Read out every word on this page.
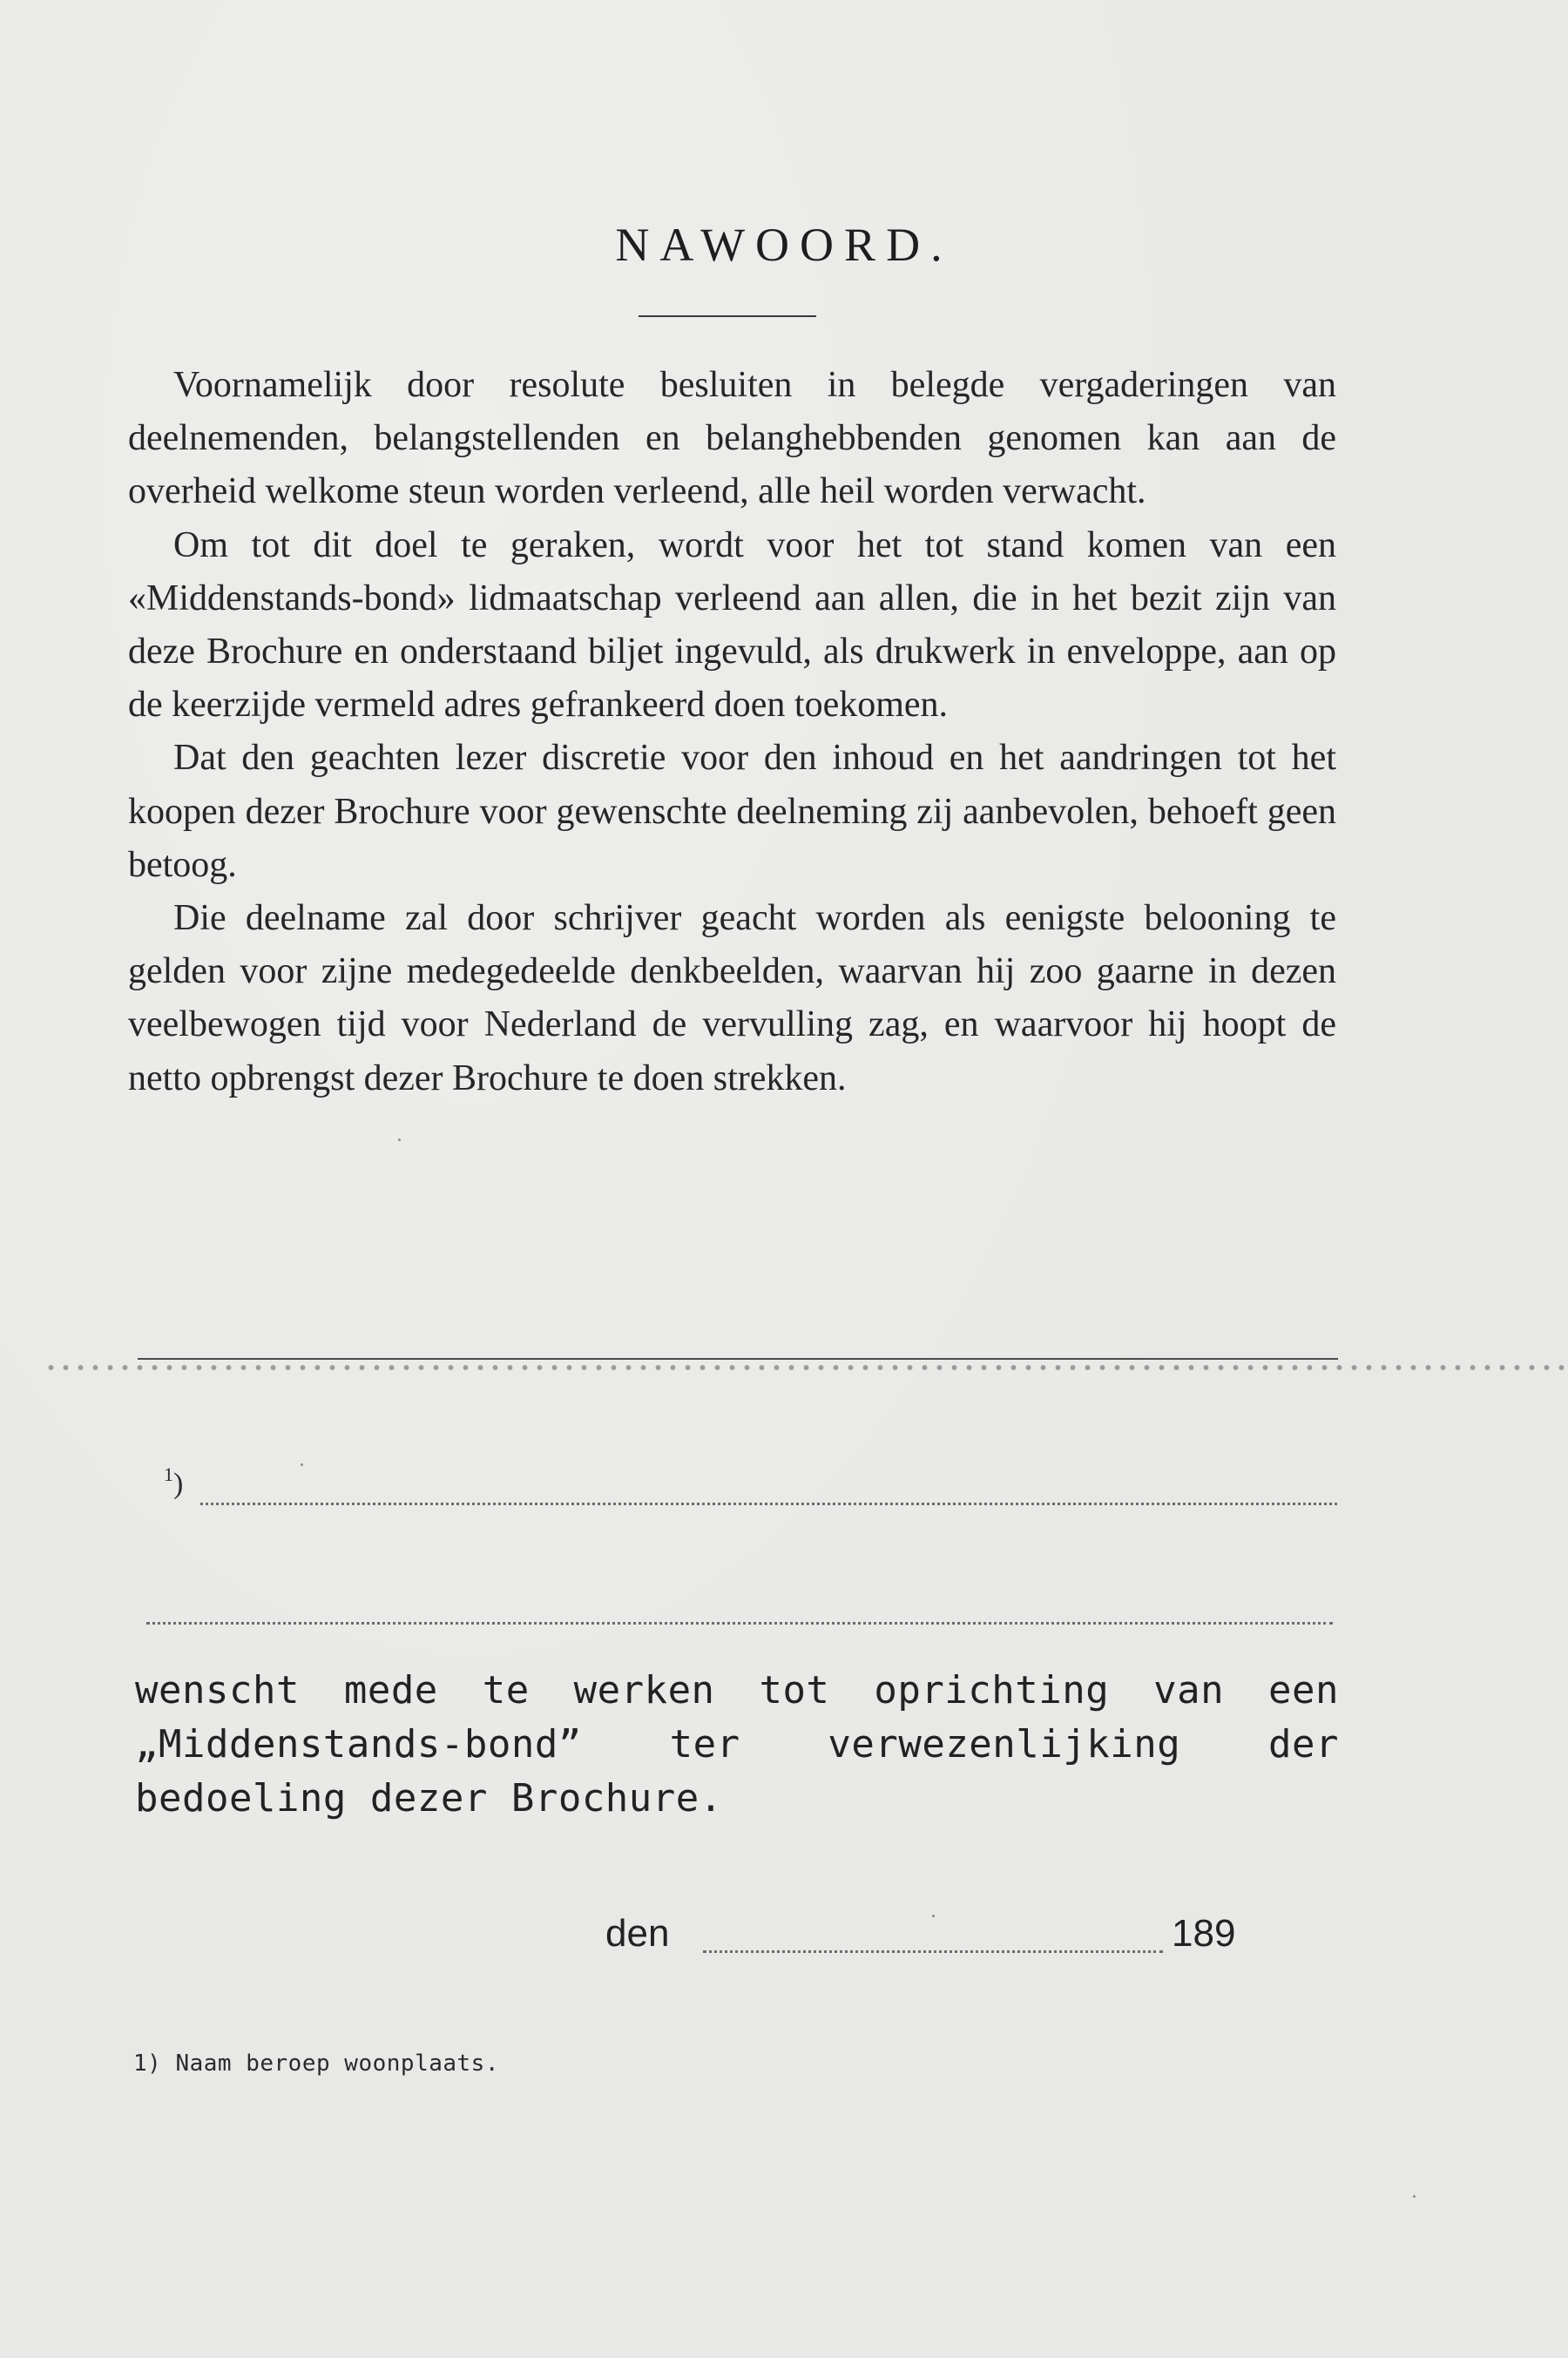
NAWOORD.

Voornamelijk door resolute besluiten in belegde vergaderingen van deelnemenden, belangstellenden en belanghebbenden genomen kan aan de overheid welkome steun worden verleend, alle heil worden verwacht.

Om tot dit doel te geraken, wordt voor het tot stand komen van een «Middenstands-bond» lidmaatschap verleend aan allen, die in het bezit zijn van deze Brochure en onderstaand biljet ingevuld, als drukwerk in enveloppe, aan op de keerzijde vermeld adres gefrankeerd doen toekomen.

Dat den geachten lezer discretie voor den inhoud en het aandringen tot het koopen dezer Brochure voor gewenschte deelneming zij aanbevolen, behoeft geen betoog.

Die deelname zal door schrijver geacht worden als eenigste belooning te gelden voor zijne medegedeelde denkbeelden, waarvan hij zoo gaarne in dezen veelbewogen tijd voor Nederland de vervulling zag, en waarvoor hij hoopt de netto opbrengst dezer Brochure te doen strekken.

$^1$)
wenscht mede te werken tot oprichting van een „Middenstands-bond” ter verwezenlijking der bedoeling dezer Brochure.
den	189
1) Naam beroep woonplaats.
